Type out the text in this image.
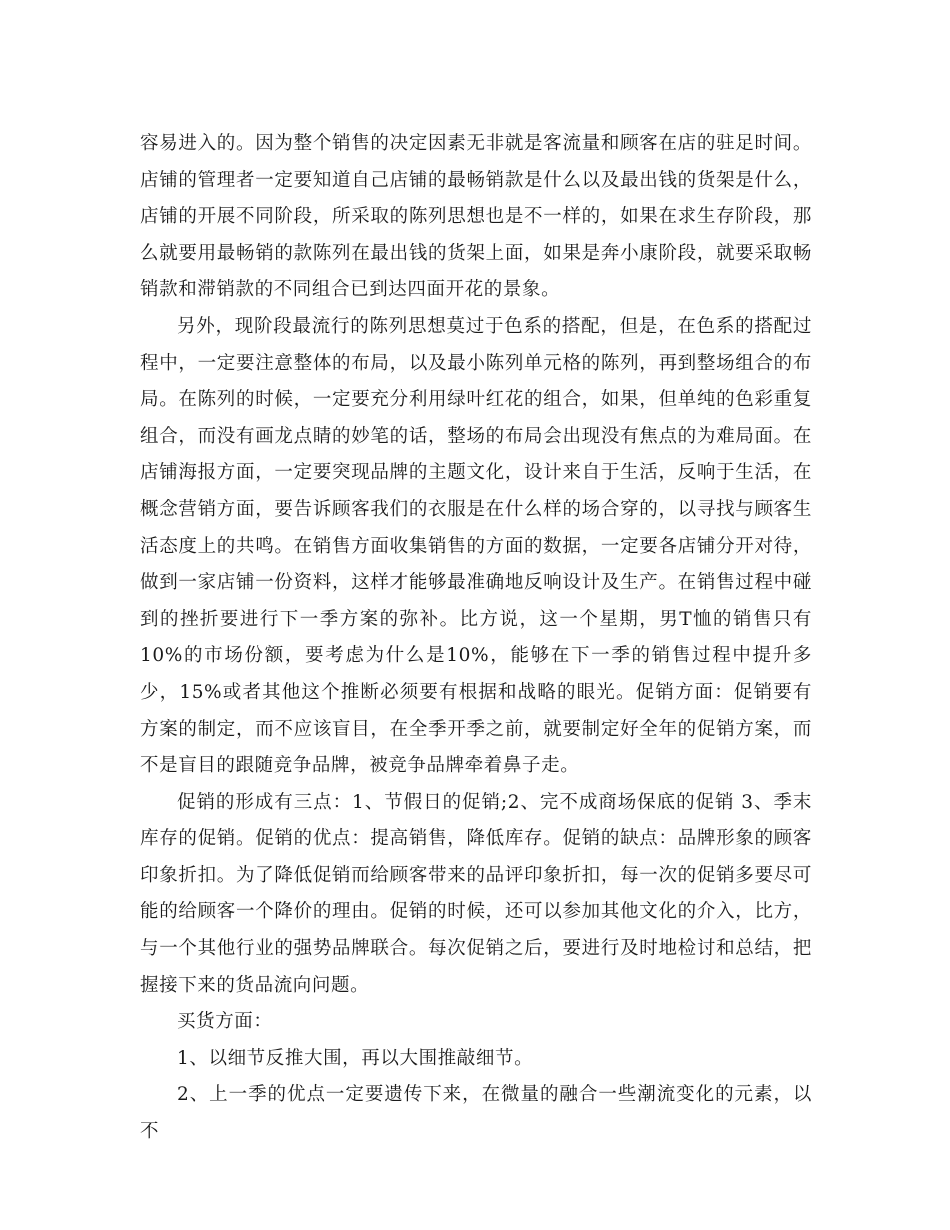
容易进入的。因为整个销售的决定因素无非就是客流量和顾客在店的驻足时间。店铺的管理者一定要知道自己店铺的最畅销款是什么以及最出钱的货架是什么，店铺的开展不同阶段，所采取的陈列思想也是不一样的，如果在求生存阶段，那么就要用最畅销的款陈列在最出钱的货架上面，如果是奔小康阶段，就要采取畅销款和滞销款的不同组合已到达四面开花的景象。

另外，现阶段最流行的陈列思想莫过于色系的搭配，但是，在色系的搭配过程中，一定要注意整体的布局，以及最小陈列单元格的陈列，再到整场组合的布局。在陈列的时候，一定要充分利用绿叶红花的组合，如果，但单纯的色彩重复组合，而没有画龙点睛的妙笔的话，整场的布局会出现没有焦点的为难局面。在店铺海报方面，一定要突现品牌的主题文化，设计来自于生活，反响于生活，在概念营销方面，要告诉顾客我们的衣服是在什么样的场合穿的，以寻找与顾客生活态度上的共鸣。在销售方面收集销售的方面的数据，一定要各店铺分开对待，做到一家店铺一份资料，这样才能够最准确地反响设计及生产。在销售过程中碰到的挫折要进行下一季方案的弥补。比方说，这一个星期，男T恤的销售只有10%的市场份额，要考虑为什么是10%，能够在下一季的销售过程中提升多少，15%或者其他这个推断必须要有根据和战略的眼光。促销方面：促销要有方案的制定，而不应该盲目，在全季开季之前，就要制定好全年的促销方案，而不是盲目的跟随竞争品牌，被竞争品牌牵着鼻子走。

促销的形成有三点：1、节假日的促销;2、完不成商场保底的促销 3、季末库存的促销。促销的优点：提高销售，降低库存。促销的缺点：品牌形象的顾客印象折扣。为了降低促销而给顾客带来的品评印象折扣，每一次的促销多要尽可能的给顾客一个降价的理由。促销的时候，还可以参加其他文化的介入，比方，与一个其他行业的强势品牌联合。每次促销之后，要进行及时地检讨和总结，把握接下来的货品流向问题。

买货方面：

1、以细节反推大围，再以大围推敲细节。

2、上一季的优点一定要遗传下来，在微量的融合一些潮流变化的元素，以不
